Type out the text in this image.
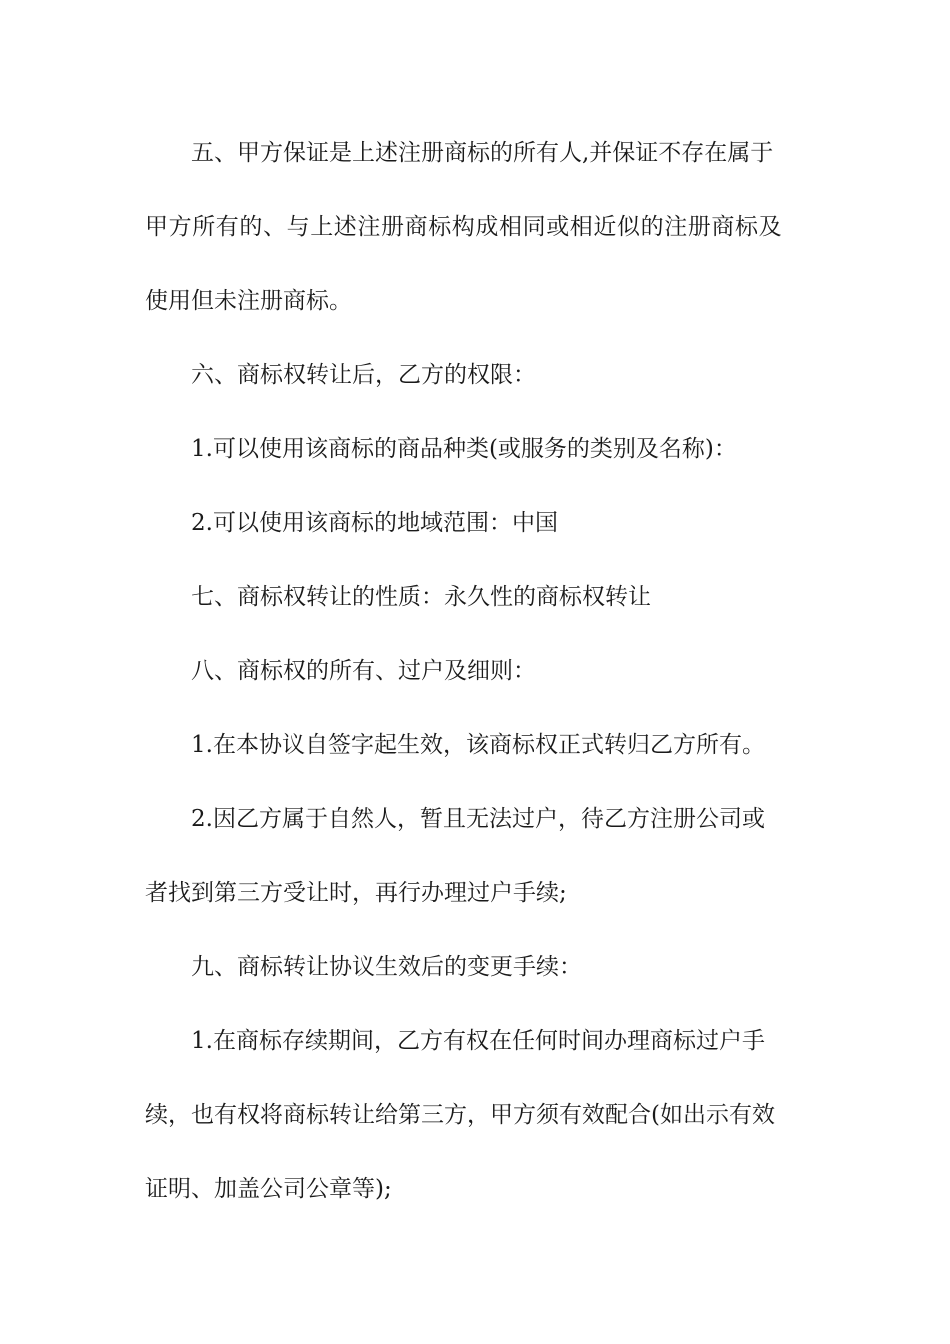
五、甲方保证是上述注册商标的所有人,并保证不存在属于
甲方所有的、与上述注册商标构成相同或相近似的注册商标及
使用但未注册商标。
六、商标权转让后，乙方的权限：
1.可以使用该商标的商品种类(或服务的类别及名称)：
2.可以使用该商标的地域范围：中国
七、商标权转让的性质：永久性的商标权转让
八、商标权的所有、过户及细则：
1.在本协议自签字起生效，该商标权正式转归乙方所有。
2.因乙方属于自然人，暂且无法过户，待乙方注册公司或
者找到第三方受让时，再行办理过户手续;
九、商标转让协议生效后的变更手续：
1.在商标存续期间，乙方有权在任何时间办理商标过户手
续，也有权将商标转让给第三方，甲方须有效配合(如出示有效
证明、加盖公司公章等);
